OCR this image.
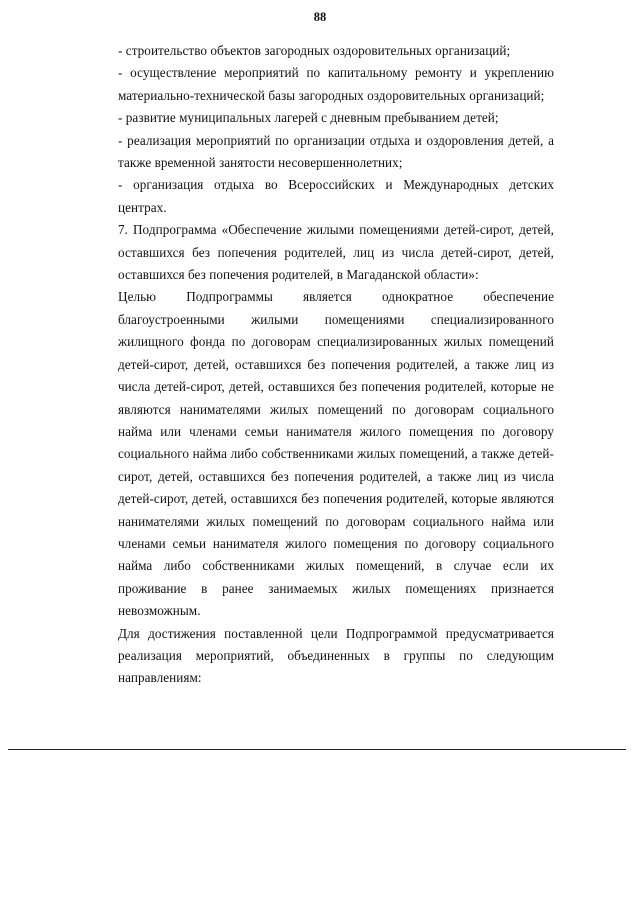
88

- строительство объектов загородных оздоровительных организаций;

- осуществление мероприятий по капитальному ремонту и укреплению материально-технической базы загородных оздоровительных организаций;

- развитие муниципальных лагерей с дневным пребыванием детей;

- реализация мероприятий по организации отдыха и оздоровления детей, а также временной занятости несовершеннолетних;

- организация отдыха во Всероссийских и Международных детских центрах.

7. Подпрограмма «Обеспечение жилыми помещениями детей-сирот, детей, оставшихся без попечения родителей, лиц из числа детей-сирот, детей, оставшихся без попечения родителей, в Магаданской области»:

Целью Подпрограммы является однократное обеспечение благоустроенными жилыми помещениями специализированного жилищного фонда по договорам специализированных жилых помещений детей-сирот, детей, оставшихся без попечения родителей, а также лиц из числа детей-сирот, детей, оставшихся без попечения родителей, которые не являются нанимателями жилых помещений по договорам социального найма или членами семьи нанимателя жилого помещения по договору социального найма либо собственниками жилых помещений, а также детей-сирот, детей, оставшихся без попечения родителей, а также лиц из числа детей-сирот, детей, оставшихся без попечения родителей, которые являются нанимателями жилых помещений по договорам социального найма или членами семьи нанимателя жилого помещения по договору социального найма либо собственниками жилых помещений, в случае если их проживание в ранее занимаемых жилых помещениях признается невозможным.

Для достижения поставленной цели Подпрограммой предусматривается реализация мероприятий, объединенных в группы по следующим направлениям:
